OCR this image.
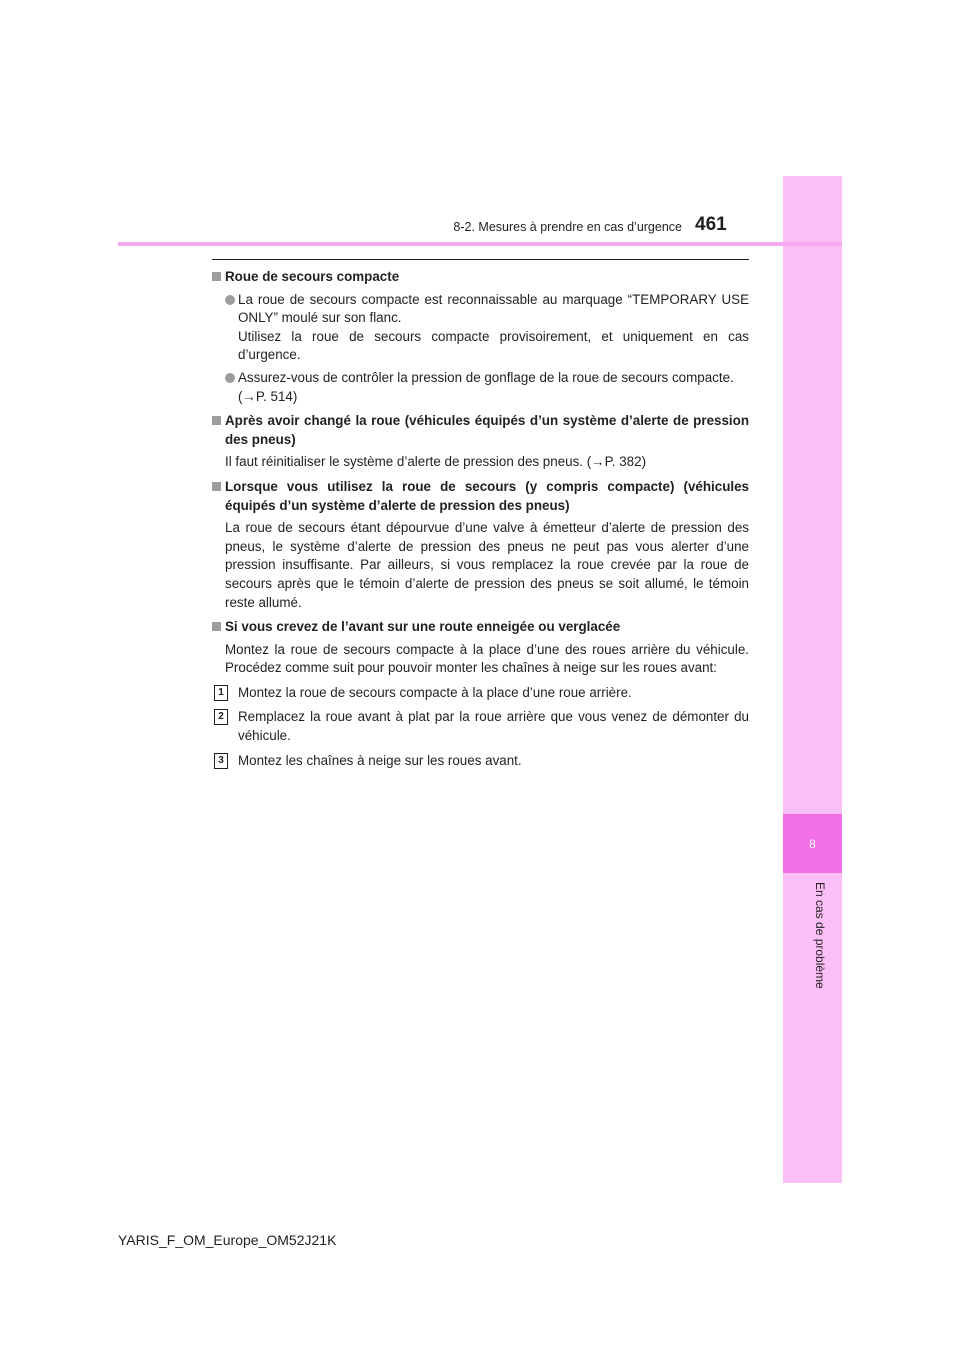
8
En cas de problème
8-2. Mesures à prendre en cas d’urgence 461

Roue de secours compacte

La roue de secours compacte est reconnaissable au marquage “TEMPORARY USE ONLY” moulé sur son flanc.
Utilisez la roue de secours compacte provisoirement, et uniquement en cas d’urgence.

Assurez-vous de contrôler la pression de gonflage de la roue de secours compacte.
(→P. 514)

Après avoir changé la roue (véhicules équipés d’un système d’alerte de pression des pneus)

Il faut réinitialiser le système d’alerte de pression des pneus. (→P. 382)

Lorsque vous utilisez la roue de secours (y compris compacte) (véhicules équipés d’un système d’alerte de pression des pneus)

La roue de secours étant dépourvue d’une valve à émetteur d’alerte de pression des pneus, le système d’alerte de pression des pneus ne peut pas vous alerter d’une pression insuffisante. Par ailleurs, si vous remplacez la roue crevée par la roue de secours après que le témoin d’alerte de pression des pneus se soit allumé, le témoin reste allumé.

Si vous crevez de l’avant sur une route enneigée ou verglacée

Montez la roue de secours compacte à la place d’une des roues arrière du véhicule. Procédez comme suit pour pouvoir monter les chaînes à neige sur les roues avant:

1	Montez la roue de secours compacte à la place d’une roue arrière.

2	Remplacez la roue avant à plat par la roue arrière que vous venez de démonter du véhicule.

3	Montez les chaînes à neige sur les roues avant.

YARIS_F_OM_Europe_OM52J21K
